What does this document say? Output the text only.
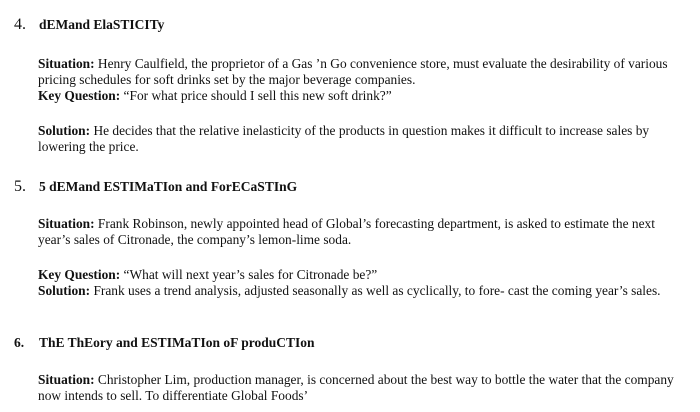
4. dEMand ElaSTICITy

Situation: Henry Caulfield, the proprietor of a Gas ’n Go convenience store, must evaluate the desirability of various pricing schedules for soft drinks set by the major beverage companies.

Key Question: “For what price should I sell this new soft drink?”

Solution: He decides that the relative inelasticity of the products in question makes it difficult to increase sales by lowering the price.

5. 5 dEMand ESTIMaTIon and ForECaSTInG

Situation: Frank Robinson, newly appointed head of Global’s forecasting department, is asked to estimate the next year’s sales of Citronade, the company’s lemon-lime soda.

Key Question: “What will next year’s sales for Citronade be?”

Solution: Frank uses a trend analysis, adjusted seasonally as well as cyclically, to fore- cast the coming year’s sales.

6.	ThE ThEory and ESTIMaTIon oF produCTIon

Situation: Christopher Lim, production manager, is concerned about the best way to bottle the water that the company now intends to sell. To differentiate Global Foods’
